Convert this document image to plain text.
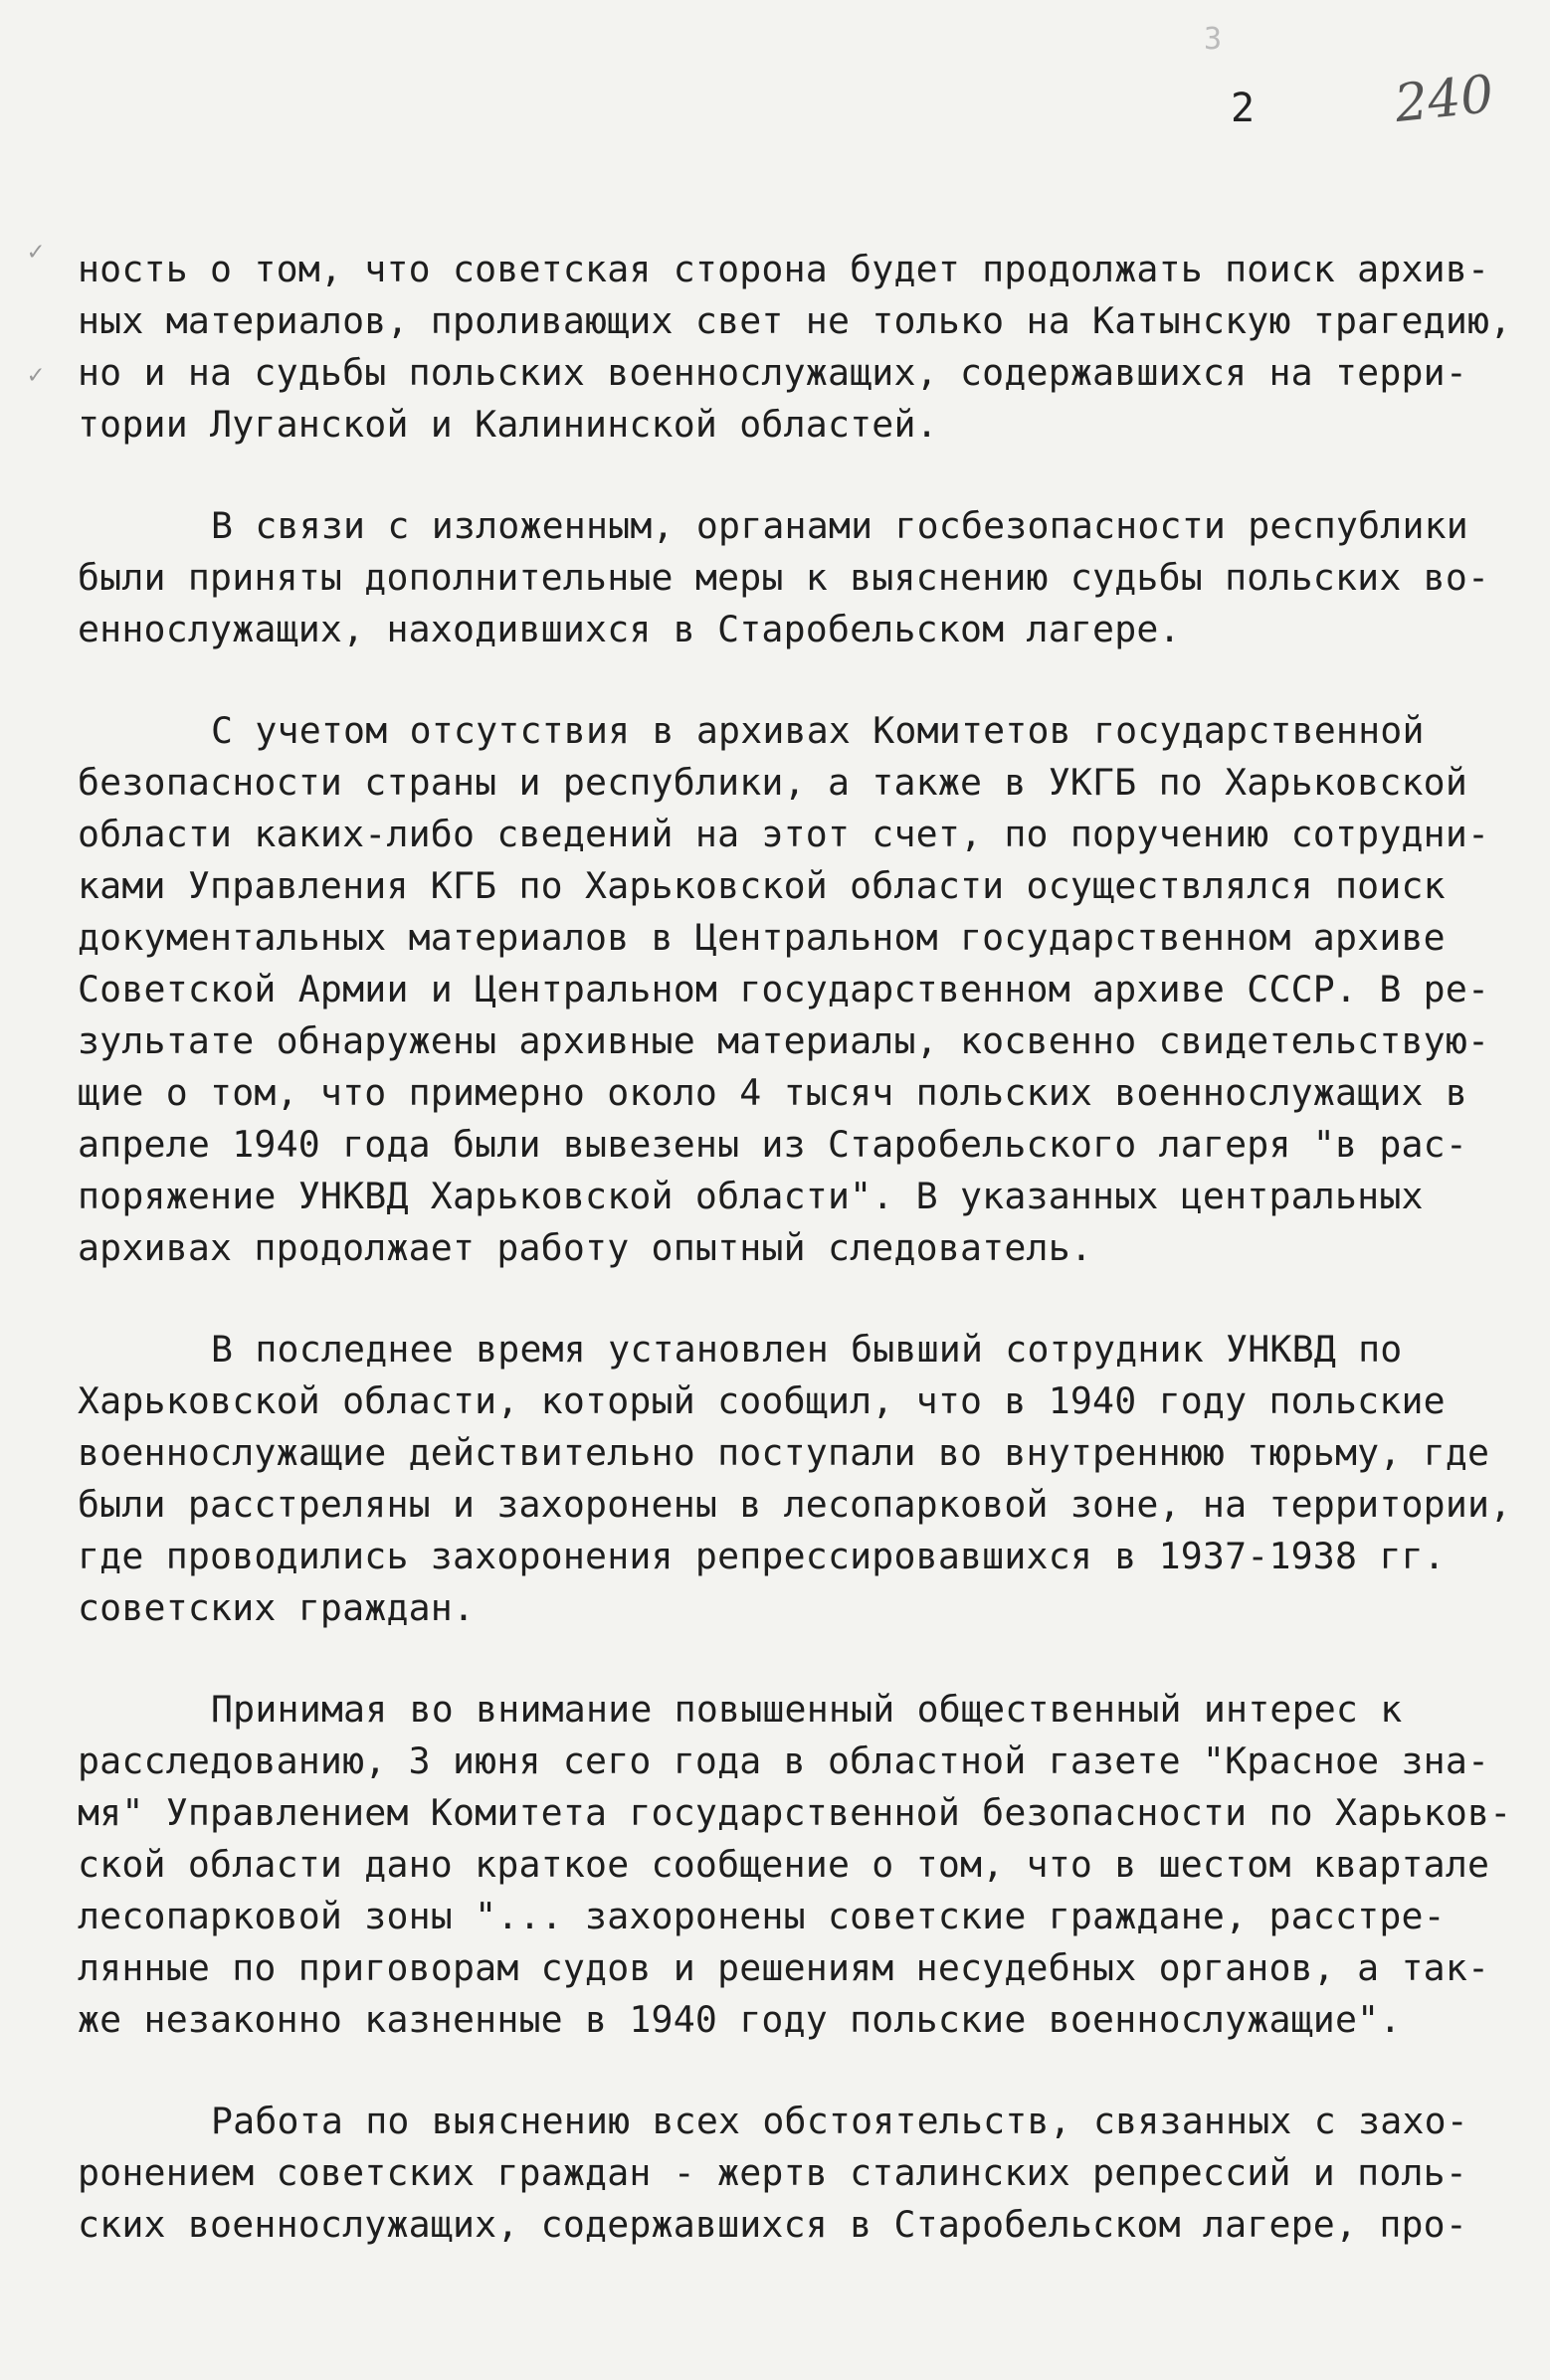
3
2	240
✓
✓
ность о том, что советская сторона будет продолжать поиск архив-
ных материалов, проливающих свет не только на Катынскую трагедию,
но и на судьбы польских военнослужащих, содержавшихся на терри-
тории Луганской и Калининской областей.
В связи с изложенным, органами госбезопасности республики
были приняты дополнительные меры к выяснению судьбы польских во-
еннослужащих, находившихся в Старобельском лагере.
С учетом отсутствия в архивах Комитетов государственной
безопасности страны и республики, а также в УКГБ по Харьковской
области каких-либо сведений на этот счет, по поручению сотрудни-
ками Управления КГБ по Харьковской области осуществлялся поиск
документальных материалов в Центральном государственном архиве
Советской Армии и Центральном государственном архиве СССР. В ре-
зультате обнаружены архивные материалы, косвенно свидетельствую-
щие о том, что примерно около 4 тысяч польских военнослужащих в
апреле 1940 года были вывезены из Старобельского лагеря "в рас-
поряжение УНКВД Харьковской области". В указанных центральных
архивах продолжает работу опытный следователь.
В последнее время установлен бывший сотрудник УНКВД по
Харьковской области, который сообщил, что в 1940 году польские
военнослужащие действительно поступали во внутреннюю тюрьму, где
были расстреляны и захоронены в лесопарковой зоне, на территории,
где проводились захоронения репрессировавшихся в 1937-1938 гг.
советских граждан.
Принимая во внимание повышенный общественный интерес к
расследованию, 3 июня сего года в областной газете "Красное зна-
мя" Управлением Комитета государственной безопасности по Харьков-
ской области дано краткое сообщение о том, что в шестом квартале
лесопарковой зоны "... захоронены советские граждане, расстре-
лянные по приговорам судов и решениям несудебных органов, а так-
же незаконно казненные в 1940 году польские военнослужащие".
Работа по выяснению всех обстоятельств, связанных с захо-
ронением советских граждан - жертв сталинских репрессий и поль-
ских военнослужащих, содержавшихся в Старобельском лагере, про-
